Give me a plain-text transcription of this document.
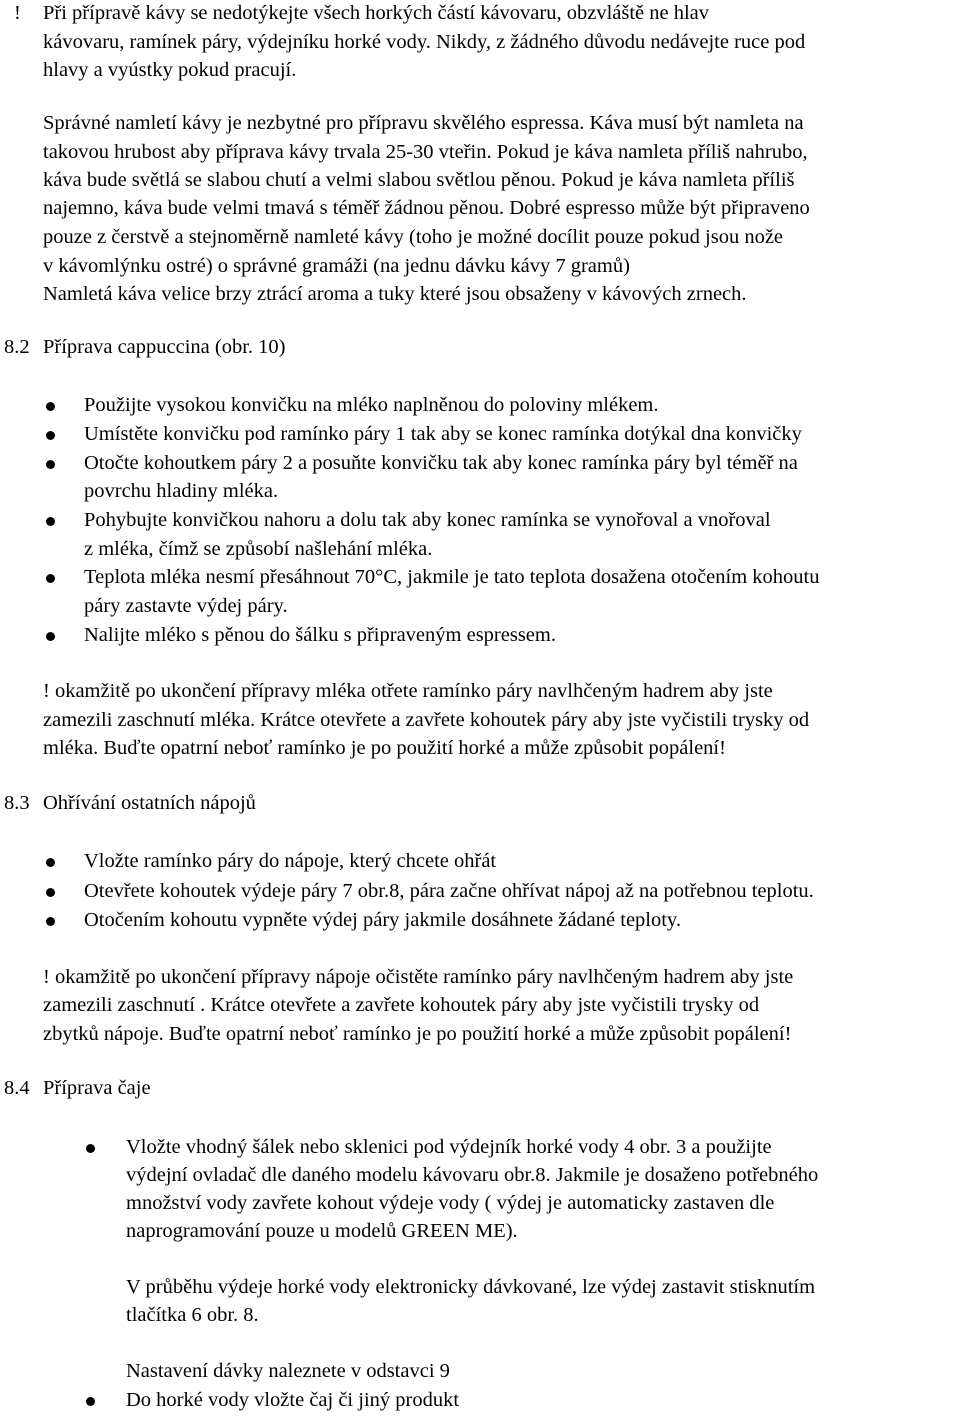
! Při přípravě kávy se nedotýkejte všech horkých částí kávovaru, obzvláště ne hlav
kávovaru, ramínek páry, výdejníku horké vody. Nikdy, z žádného důvodu nedávejte ruce pod
hlavy a vyústky pokud pracují.
Správné namletí kávy je nezbytné pro přípravu skvělého espressa. Káva musí být namleta na
takovou hrubost aby příprava kávy trvala 25-30 vteřin. Pokud je káva namleta příliš nahrubo,
káva bude světlá se slabou chutí a velmi slabou světlou pěnou. Pokud je káva namleta příliš
najemno, káva bude velmi tmavá s téměř žádnou pěnou. Dobré espresso může být připraveno
pouze z čerstvě a stejnoměrně namleté kávy (toho je možné docílit pouze pokud jsou nože
v kávomlýnku ostré) o správné gramáži (na jednu dávku kávy 7 gramů)
Namletá káva velice brzy ztrácí aroma a tuky které jsou obsaženy v kávových zrnech.
8.2 Příprava cappuccina (obr. 10)
Použijte vysokou konvičku na mléko naplněnou do poloviny mlékem.
Umístěte konvičku pod ramínko páry 1 tak aby se konec ramínka dotýkal dna konvičky
Otočte kohoutkem páry 2 a posuňte konvičku tak aby konec ramínka páry byl téměř na
povrchu hladiny mléka.
Pohybujte konvičkou nahoru a dolu tak aby konec ramínka se vynořoval a vnořoval
z mléka, čímž se způsobí našlehání mléka.
Teplota mléka nesmí přesáhnout 70°C, jakmile je tato teplota dosažena otočením kohoutu
páry zastavte výdej páry.
Nalijte mléko s pěnou do šálku s připraveným espressem.
! okamžitě po ukončení přípravy mléka otřete ramínko páry navlhčeným hadrem aby jste
zamezili zaschnutí mléka. Krátce otevřete a zavřete kohoutek páry aby jste vyčistili trysky od
mléka. Buďte opatrní neboť ramínko je po použití horké a může způsobit popálení!
8.3 Ohřívání ostatních nápojů
Vložte ramínko páry do nápoje, který chcete ohřát
Otevřete kohoutek výdeje páry 7 obr.8, pára začne ohřívat nápoj až na potřebnou teplotu.
Otočením kohoutu vypněte výdej páry jakmile dosáhnete žádané teploty.
! okamžitě po ukončení přípravy nápoje očistěte ramínko páry navlhčeným hadrem aby jste
zamezili zaschnutí . Krátce otevřete a zavřete kohoutek páry aby jste vyčistili trysky od
zbytků nápoje. Buďte opatrní neboť ramínko je po použití horké a může způsobit popálení!
8.4 Příprava čaje
Vložte vhodný šálek nebo sklenici pod výdejník horké vody 4 obr. 3 a použijte
výdejní ovladač dle daného modelu kávovaru obr.8. Jakmile je dosaženo potřebného
množství vody zavřete kohout výdeje vody ( výdej je automaticky zastaven dle
naprogramování pouze u modelů GREEN ME).
V průběhu výdeje horké vody elektronicky dávkované, lze výdej zastavit stisknutím
tlačítka 6 obr. 8.
Nastavení dávky naleznete v odstavci 9
Do horké vody vložte čaj či jiný produkt
